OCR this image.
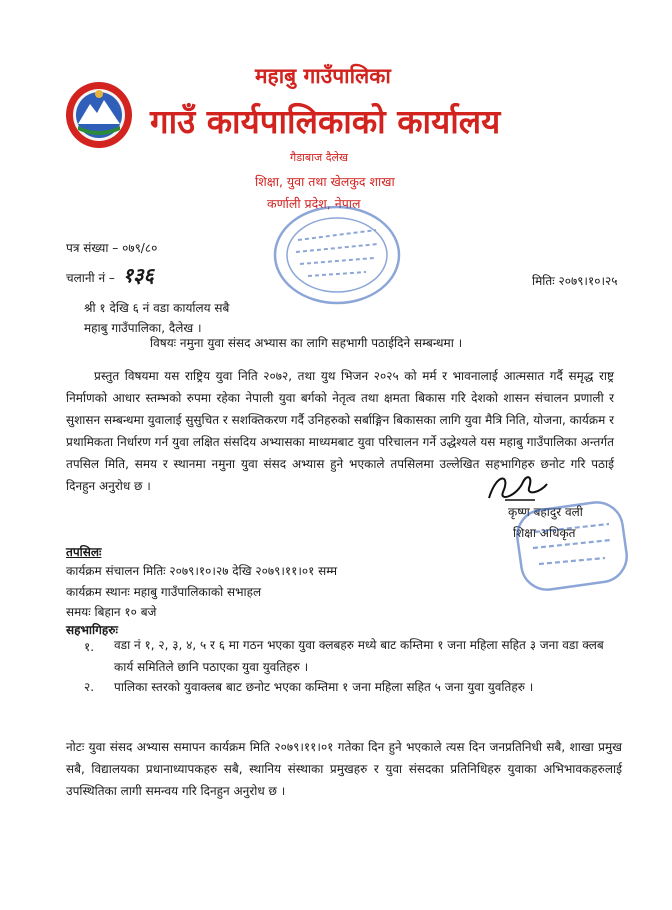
महाबु गाउँपालिका
गाउँ कार्यपालिकाको कार्यालय
गैडाबाज दैलेख
शिक्षा, युवा तथा खेलकुद शाखा
कर्णाली प्रदेश, नेपाल
पत्र संख्या – ०७९/८०
चलानी नं – १३६	मितिः २०७९।१०।२५
श्री १ देखि ६ नं वडा कार्यालय सबै
महाबु गाउँपालिका, दैलेख ।
विषयः नमुना युवा संसद अभ्यास का लागि सहभागी पठाईदिने सम्बन्धमा ।
प्रस्तुत विषयमा यस राष्ट्रिय युवा निति २०७२, तथा युथ भिजन २०२५ को मर्म र भावनालाई आत्मसात गर्दै समृद्ध राष्ट्र निर्माणको आधार स्तम्भको रुपमा रहेका नेपाली युवा बर्गको नेतृत्व तथा क्षमता बिकास गरि देशको शासन संचालन प्रणाली र सुशासन सम्बन्धमा युवालाई सुसुचित र सशक्तिकरण गर्दै उनिहरुको सर्बाङ्गिन बिकासका लागि युवा मैत्रि निति, योजना, कार्यक्रम र प्रथामिकता निर्धारण गर्न युवा लक्षित संसदिय अभ्यासका माध्यमबाट युवा परिचालन गर्ने उद्धेश्यले यस महाबु गाउँपालिका अन्तर्गत तपसिल मिति, समय र स्थानमा नमुना युवा संसद अभ्यास हुने भएकाले तपसिलमा उल्लेखित सहभागिहरु छनोट गरि पठाई दिनहुन अनुरोध छ ।
कृष्ण बहादुर वली
शिक्षा अधिकृत
तपसिलः
कार्यक्रम संचालन मितिः २०७९।१०।२७ देखि २०७९।११।०१ सम्म
कार्यक्रम स्थानः महाबु गाउँपालिकाको सभाहल
समयः बिहान १० बजे
सहभागिहरुः
१. वडा नं १, २, ३, ४, ५ र ६ मा गठन भएका युवा क्लबहरु मध्ये बाट कम्तिमा १ जना महिला सहित ३ जना वडा क्लब कार्य समितिले छानि पठाएका युवा युवतिहरु ।
२. पालिका स्तरको युवाक्लब बाट छनोट भएका कम्तिमा १ जना महिला सहित ५ जना युवा युवतिहरु ।
नोटः युवा संसद अभ्यास समापन कार्यक्रम मिति २०७९।११।०१ गतेका दिन हुने भएकाले त्यस दिन जनप्रतिनिधी सबै, शाखा प्रमुख सबै, विद्यालयका प्रधानाध्यापकहरु सबै, स्थानिय संस्थाका प्रमुखहरु र युवा संसदका प्रतिनिधिहरु युवाका अभिभावकहरुलाई उपस्थितिका लागी समन्वय गरि दिनहुन अनुरोध छ ।
